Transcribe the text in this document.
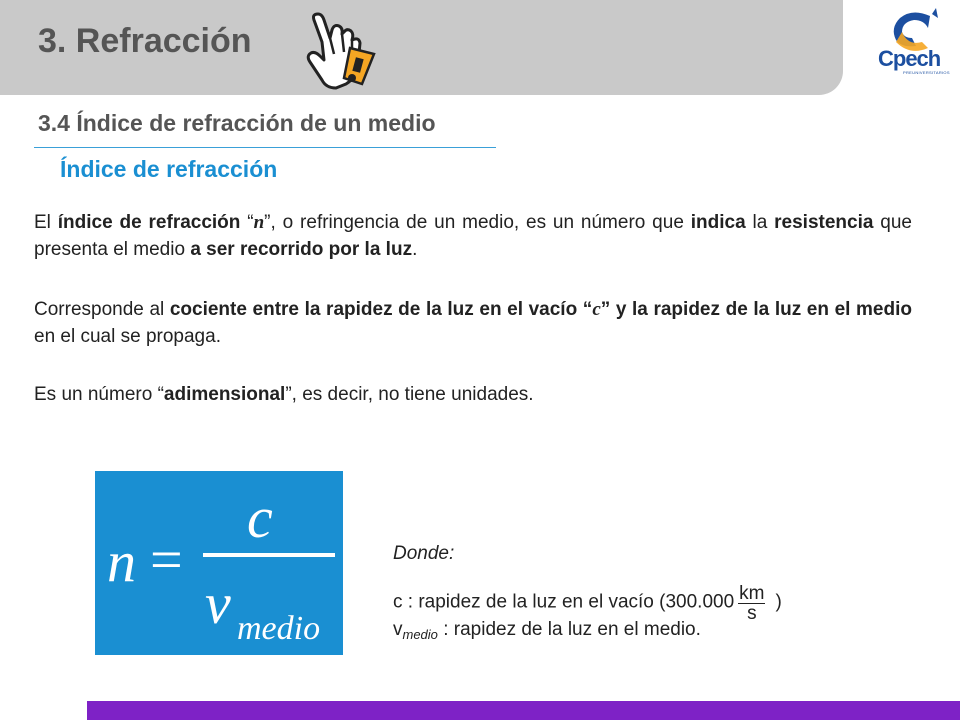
3. Refracción	Cpech
PREUNIVERSITARIOS
3.4 Índice de refracción de un medio
Índice de refracción
El índice de refracción “n”, o refringencia de un medio, es un número que indica la resistencia que presenta el medio a ser recorrido por la luz.
Corresponde al cociente entre la rapidez de la luz en el vacío “c” y la rapidez de la luz en el medio en el cual se propaga.
Es un número “adimensional”, es decir, no tiene unidades.
n =
c
v medio
Donde:
c : rapidez de la luz en el vacío ($300.000 \frac{km}{s}$ )
$v_{medio}$ : rapidez de la luz en el medio.
